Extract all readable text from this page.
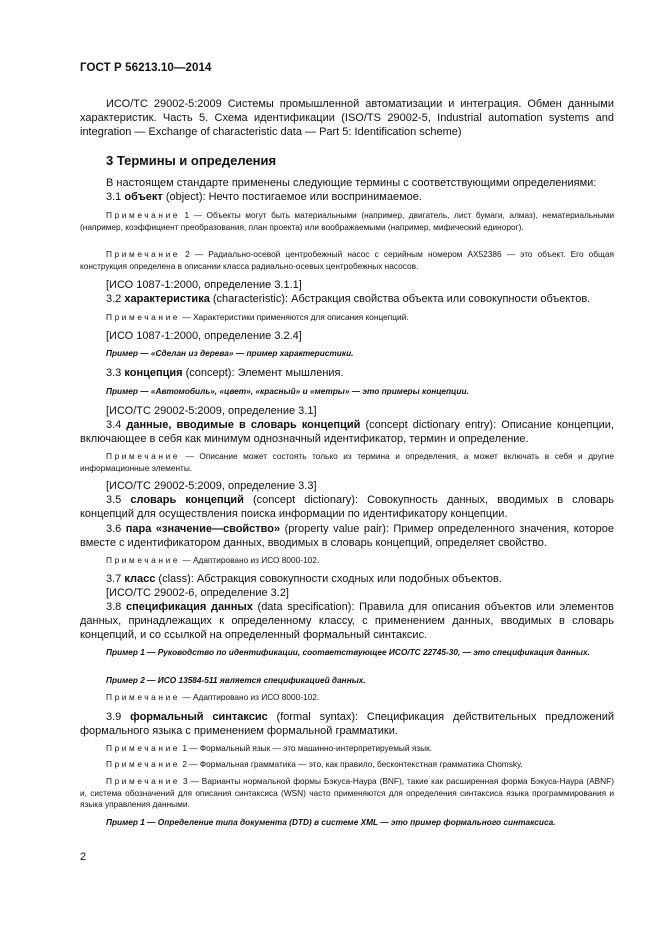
ГОСТ Р 56213.10—2014

ИСО/ТС 29002-5:2009 Системы промышленной автоматизации и интеграция. Обмен данными характеристик. Часть 5. Схема идентификации (ISO/TS 29002-5, Industrial automation systems and integration — Exchange of characteristic data — Part 5: Identification scheme)

3 Термины и определения

В настоящем стандарте применены следующие термины с соответствующими определениями:

3.1 объект (object): Нечто постигаемое или воспринимаемое.

Примечание 1 — Объекты могут быть материальными (например, двигатель, лист бумаги, алмаз), нематериальными (например, коэффициент преобразования, план проекта) или воображаемыми (например, мифический единорог).

Примечание 2 — Радиально-осевой центробежный насос с серийным номером АХ52386 — это объект. Его общая конструкция определена в описании класса радиально-осевых центробежных насосов.

[ИСО 1087-1:2000, определение 3.1.1]

3.2 характеристика (characteristic): Абстракция свойства объекта или совокупности объектов.

Примечание — Характеристики применяются для описания концепций.

[ИСО 1087-1:2000, определение 3.2.4]

Пример — «Сделан из дерева» — пример характеристики.

3.3 концепция (concept): Элемент мышления.

Пример — «Автомобиль», «цвет», «красный» и «метры» — это примеры концепции.

[ИСО/ТС 29002-5:2009, определение 3.1]

3.4 данные, вводимые в словарь концепций (concept dictionary entry): Описание концепции, включающее в себя как минимум однозначный идентификатор, термин и определение.

Примечание — Описание может состоять только из термина и определения, а может включать в себя и другие информационные элементы.

[ИСО/ТС 29002-5:2009, определение 3.3]

3.5 словарь концепций (concept dictionary): Совокупность данных, вводимых в словарь концепций для осуществления поиска информации по идентификатору концепции.

3.6 пара «значение—свойство» (property value pair): Пример определенного значения, которое вместе с идентификатором данных, вводимых в словарь концепций, определяет свойство.

Примечание — Адаптировано из ИСО 8000-102.

3.7 класс (class): Абстракция совокупности сходных или подобных объектов.

[ИСО/ТС 29002-6, определение 3.2]

3.8 спецификация данных (data specification): Правила для описания объектов или элементов данных, принадлежащих к определенному классу, с применением данных, вводимых в словарь концепций, и со ссылкой на определенный формальный синтаксис.

Пример 1 — Руководство по идентификации, соответствующее ИСО/ТС 22745-30, — это спецификация данных.

Пример 2 — ИСО 13584-511 является спецификацией данных.

Примечание — Адаптировано из ИСО 8000-102.

3.9 формальный синтаксис (formal syntax): Спецификация действительных предложений формального языка с применением формальной грамматики.

Примечание 1 — Формальный язык — это машинно-интерпретируемый язык.

Примечание 2 — Формальная грамматика — это, как правило, бесконтекстная грамматика Chomsky.

Примечание 3 — Варианты нормальной формы Бэкуса-Наура (BNF), такие как расширенная форма Бэкуса-Наура (ABNF) и, система обозначений для описания синтаксиса (WSN) часто применяются для определения синтаксиса языка программирования и языка управления данными.

Пример 1 — Определение типа документа (DTD) в системе XML — это пример формального синтаксиса.

2
